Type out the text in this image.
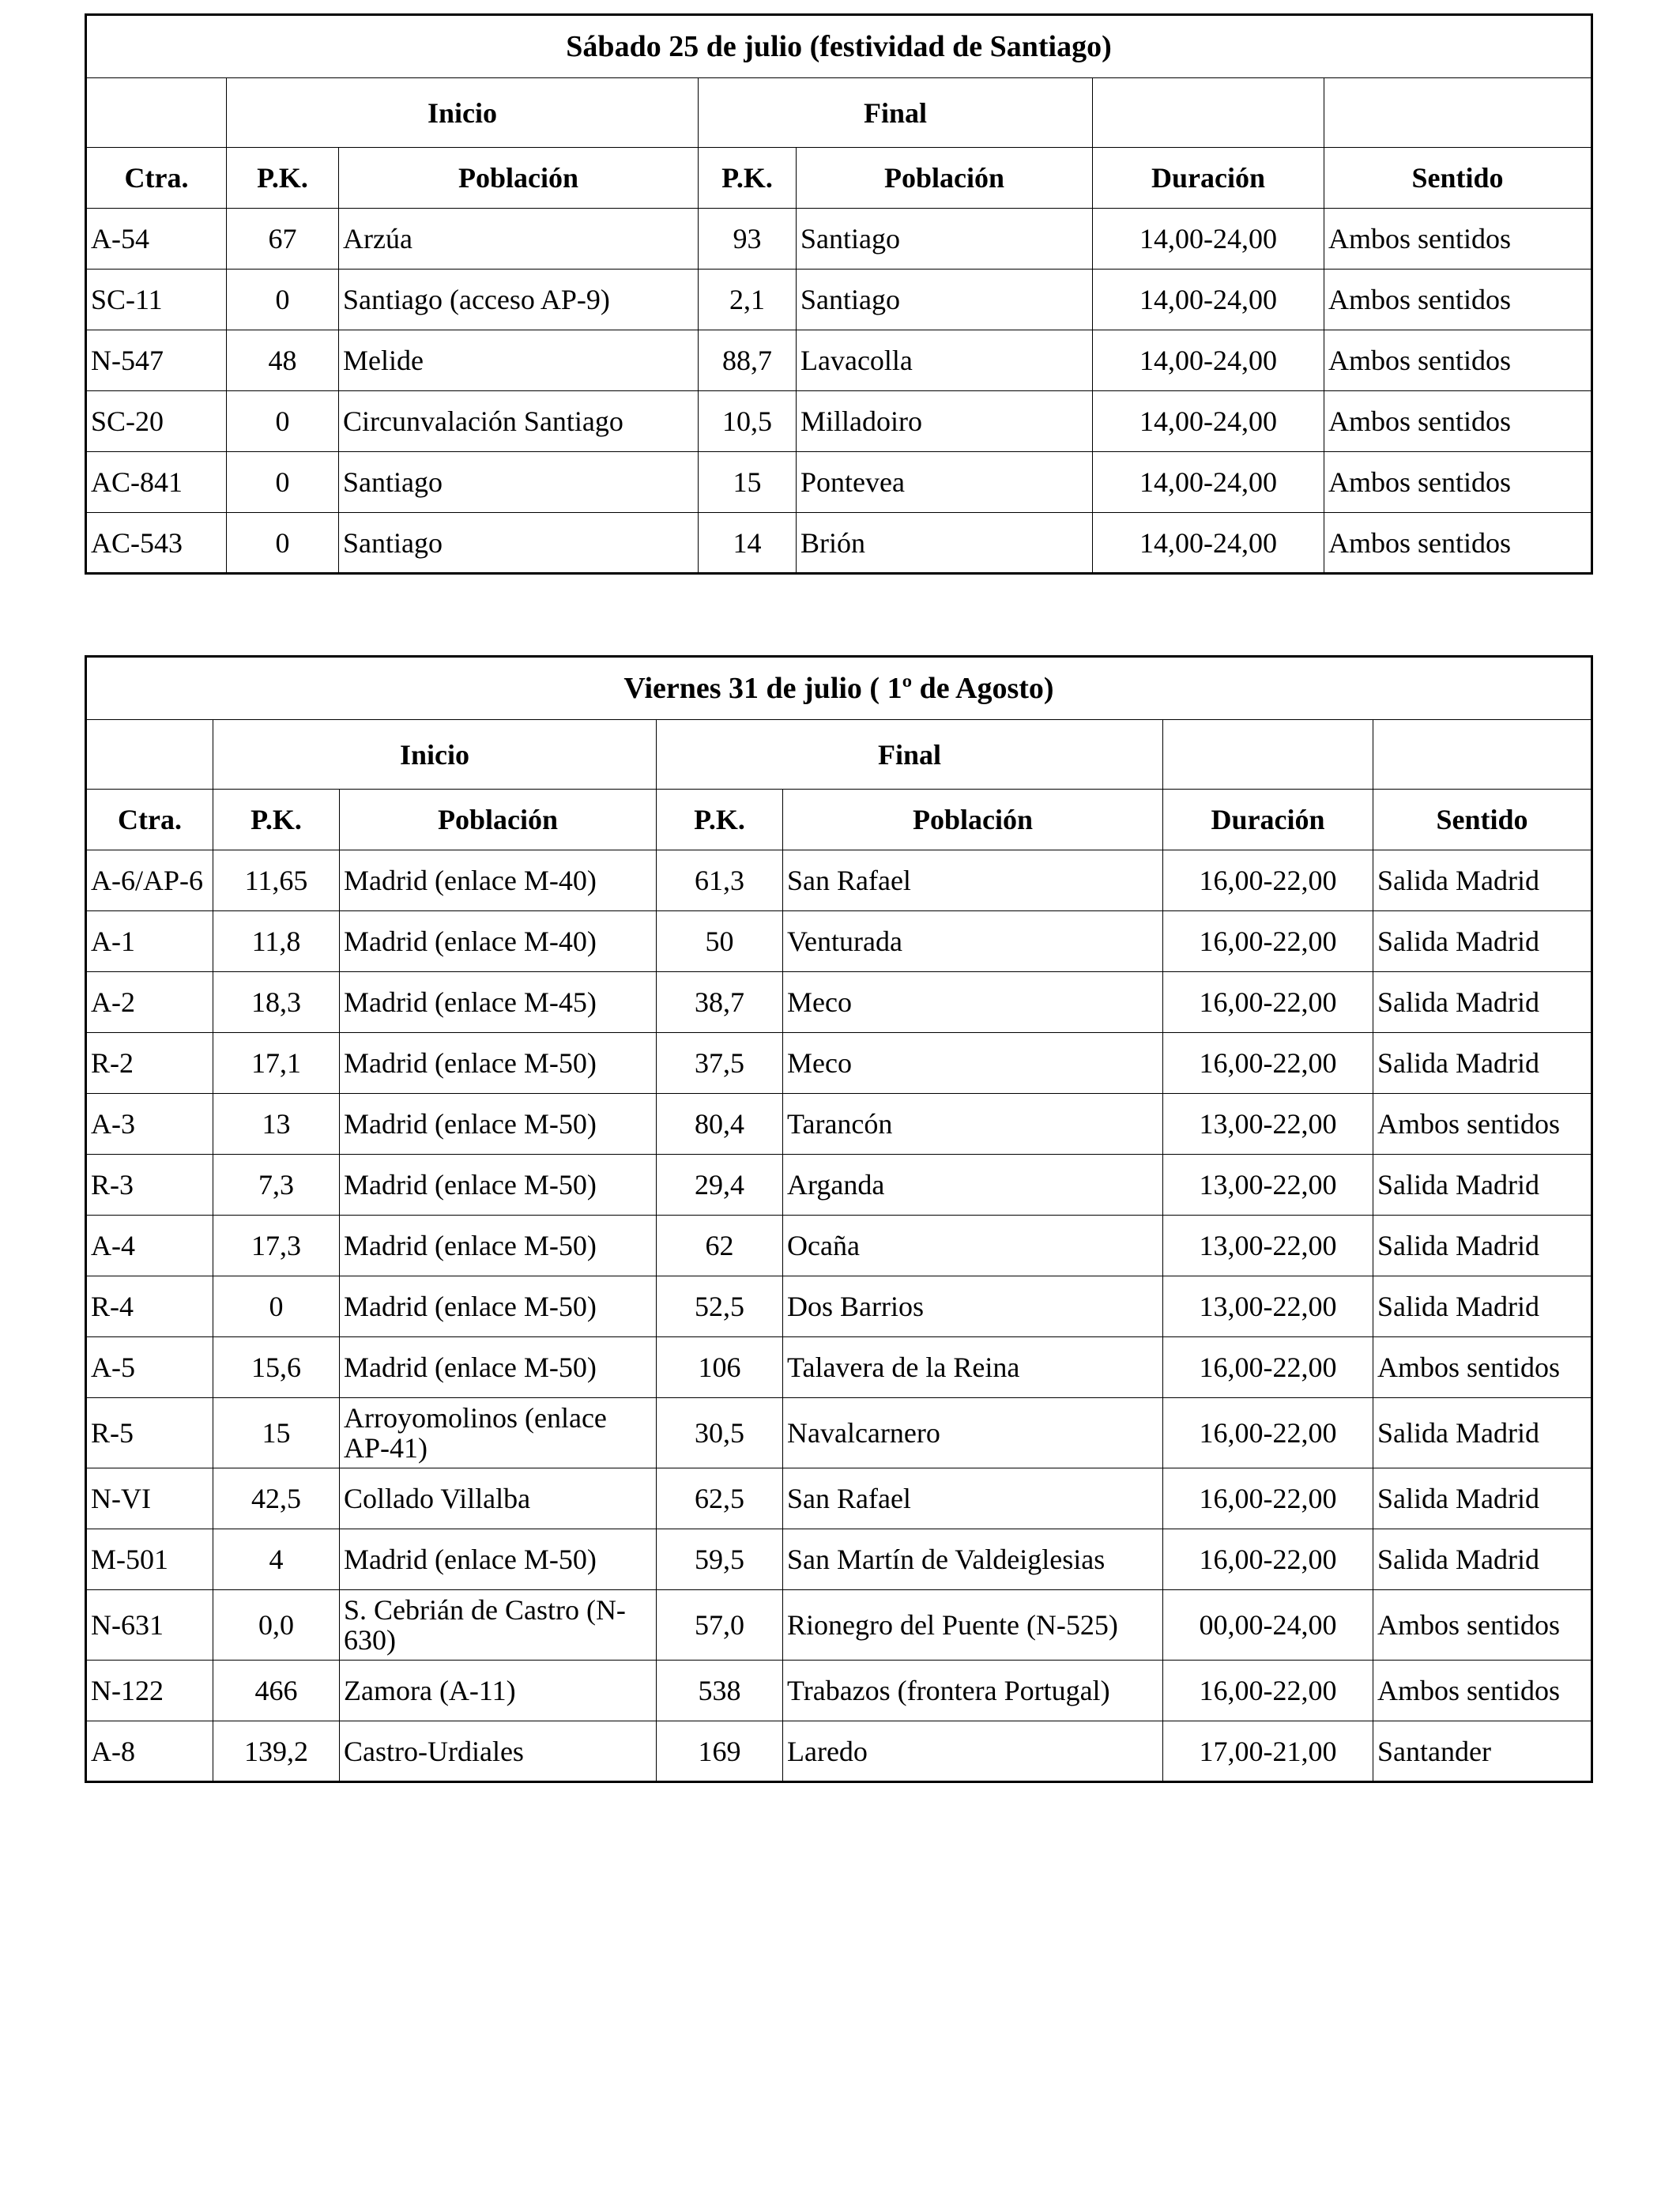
Sábado 25 de julio (festividad de Santiago)						
	Inicio		Final			
Ctra.	P.K.	Población	P.K.	Población	Duración	Sentido
A-54	67	Arzúa	93	Santiago	14,00-24,00	Ambos sentidos
SC-11	0	Santiago (acceso AP-9)	2,1	Santiago	14,00-24,00	Ambos sentidos
N-547	48	Melide	88,7	Lavacolla	14,00-24,00	Ambos sentidos
SC-20	0	Circunvalación Santiago	10,5	Milladoiro	14,00-24,00	Ambos sentidos
AC-841	0	Santiago	15	Pontevea	14,00-24,00	Ambos sentidos
AC-543	0	Santiago	14	Brión	14,00-24,00	Ambos sentidos
Viernes 31 de julio ( 1º de Agosto)						
	Inicio		Final			
Ctra.	P.K.	Población	P.K.	Población	Duración	Sentido
A-6/AP-6	11,65	Madrid (enlace M-40)	61,3	San Rafael	16,00-22,00	Salida Madrid
A-1	11,8	Madrid (enlace M-40)	50	Venturada	16,00-22,00	Salida Madrid
A-2	18,3	Madrid (enlace M-45)	38,7	Meco	16,00-22,00	Salida Madrid
R-2	17,1	Madrid (enlace M-50)	37,5	Meco	16,00-22,00	Salida Madrid
A-3	13	Madrid (enlace M-50)	80,4	Tarancón	13,00-22,00	Ambos sentidos
R-3	7,3	Madrid (enlace M-50)	29,4	Arganda	13,00-22,00	Salida Madrid
A-4	17,3	Madrid (enlace M-50)	62	Ocaña	13,00-22,00	Salida Madrid
R-4	0	Madrid (enlace M-50)	52,5	Dos Barrios	13,00-22,00	Salida Madrid
A-5	15,6	Madrid (enlace M-50)	106	Talavera de la Reina	16,00-22,00	Ambos sentidos
R-5	15	Arroyomolinos (enlace AP-41)	30,5	Navalcarnero	16,00-22,00	Salida Madrid
N-VI	42,5	Collado Villalba	62,5	San Rafael	16,00-22,00	Salida Madrid
M-501	4	Madrid (enlace M-50)	59,5	San Martín de Valdeiglesias	16,00-22,00	Salida Madrid
N-631	0,0	S. Cebrián de Castro (N-630)	57,0	Rionegro del Puente (N-525)	00,00-24,00	Ambos sentidos
N-122	466	Zamora (A-11)	538	Trabazos (frontera Portugal)	16,00-22,00	Ambos sentidos
A-8	139,2	Castro-Urdiales	169	Laredo	17,00-21,00	Santander
